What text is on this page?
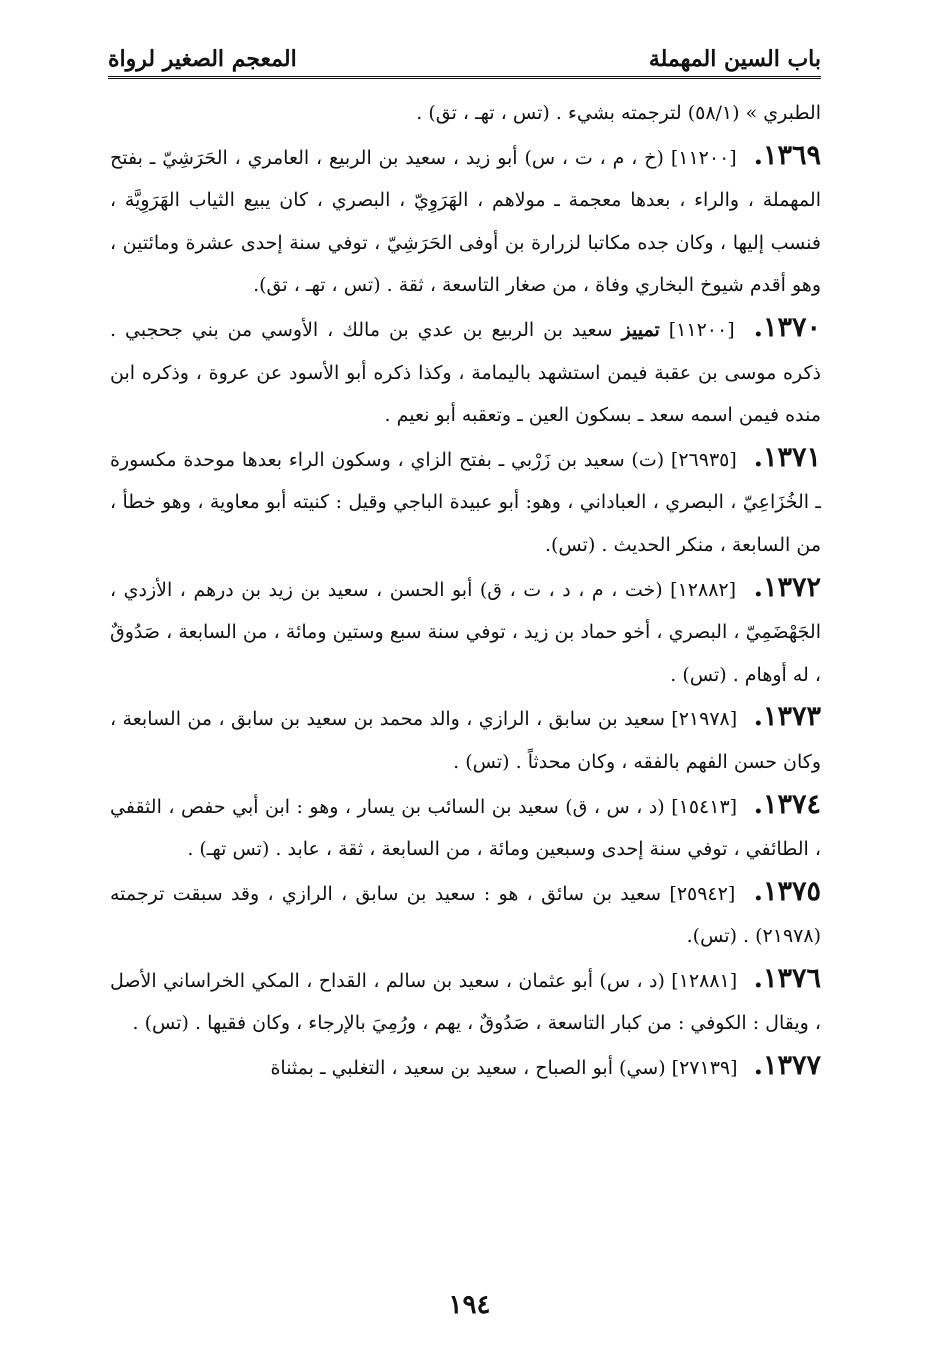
باب السين المهملة
المعجم الصغير لرواة

الطبري » (٥٨/١) لترجمته بشيء . (تس ، تهـ ، تق) .

١٣٦٩. [١١٢٠٠] (خ ، م ، ت ، س) أبو زيد ، سعيد بن الربيع ، العامري ، الحَرَشِيّ ـ بفتح المهملة ، والراء ، بعدها معجمة ـ مولاهم ، الهَرَوِيّ ، البصري ، كان يبيع الثياب الهَرَوِيَّة ، فنسب إليها ، وكان جده مكاتبا لزرارة بن أوفى الحَرَشِيّ ، توفي سنة إحدى عشرة ومائتين ، وهو أقدم شيوخ البخاري وفاة ، من صغار التاسعة ، ثقة . (تس ، تهـ ، تق).

١٣٧٠. [١١٢٠٠] تمييز سعيد بن الربيع بن عدي بن مالك ، الأوسي من بني جحجبي . ذكره موسى بن عقبة فيمن استشهد باليمامة ، وكذا ذكره أبو الأسود عن عروة ، وذكره ابن منده فيمن اسمه سعد ـ بسكون العين ـ وتعقبه أبو نعيم .

١٣٧١. [٢٦٩٣٥] (ت) سعيد بن زَرْبي ـ بفتح الزاي ، وسكون الراء بعدها موحدة مكسورة ـ الخُزَاعِيّ ، البصري ، العباداني ، وهو: أبو عبيدة الباجي وقيل : كنيته أبو معاوية ، وهو خطأ ، من السابعة ، منكر الحديث . (تس).

١٣٧٢. [١٢٨٨٢] (خت ، م ، د ، ت ، ق) أبو الحسن ، سعيد بن زيد بن درهم ، الأزدي ، الجَهْضَمِيّ ، البصري ، أخو حماد بن زيد ، توفي سنة سبع وستين ومائة ، من السابعة ، صَدُوقٌ ، له أوهام . (تس) .

١٣٧٣. [٢١٩٧٨] سعيد بن سابق ، الرازي ، والد محمد بن سعيد بن سابق ، من السابعة ، وكان حسن الفهم بالفقه ، وكان محدثاً . (تس) .

١٣٧٤. [١٥٤١٣] (د ، س ، ق) سعيد بن السائب بن يسار ، وهو : ابن أبي حفص ، الثقفي ، الطائفي ، توفي سنة إحدى وسبعين ومائة ، من السابعة ، ثقة ، عابد . (تس تهـ) .

١٣٧٥. [٢٥٩٤٢] سعيد بن سائق ، هو : سعيد بن سابق ، الرازي ، وقد سبقت ترجمته (٢١٩٧٨) . (تس).

١٣٧٦. [١٢٨٨١] (د ، س) أبو عثمان ، سعيد بن سالم ، القداح ، المكي الخراساني الأصل ، ويقال : الكوفي : من كبار التاسعة ، صَدُوقٌ ، يهم ، ورُمِيَ بالإرجاء ، وكان فقيها . (تس) .

١٣٧٧. [٢٧١٣٩] (سي) أبو الصباح ، سعيد بن سعيد ، التغلبي ـ بمثناة

١٩٤
